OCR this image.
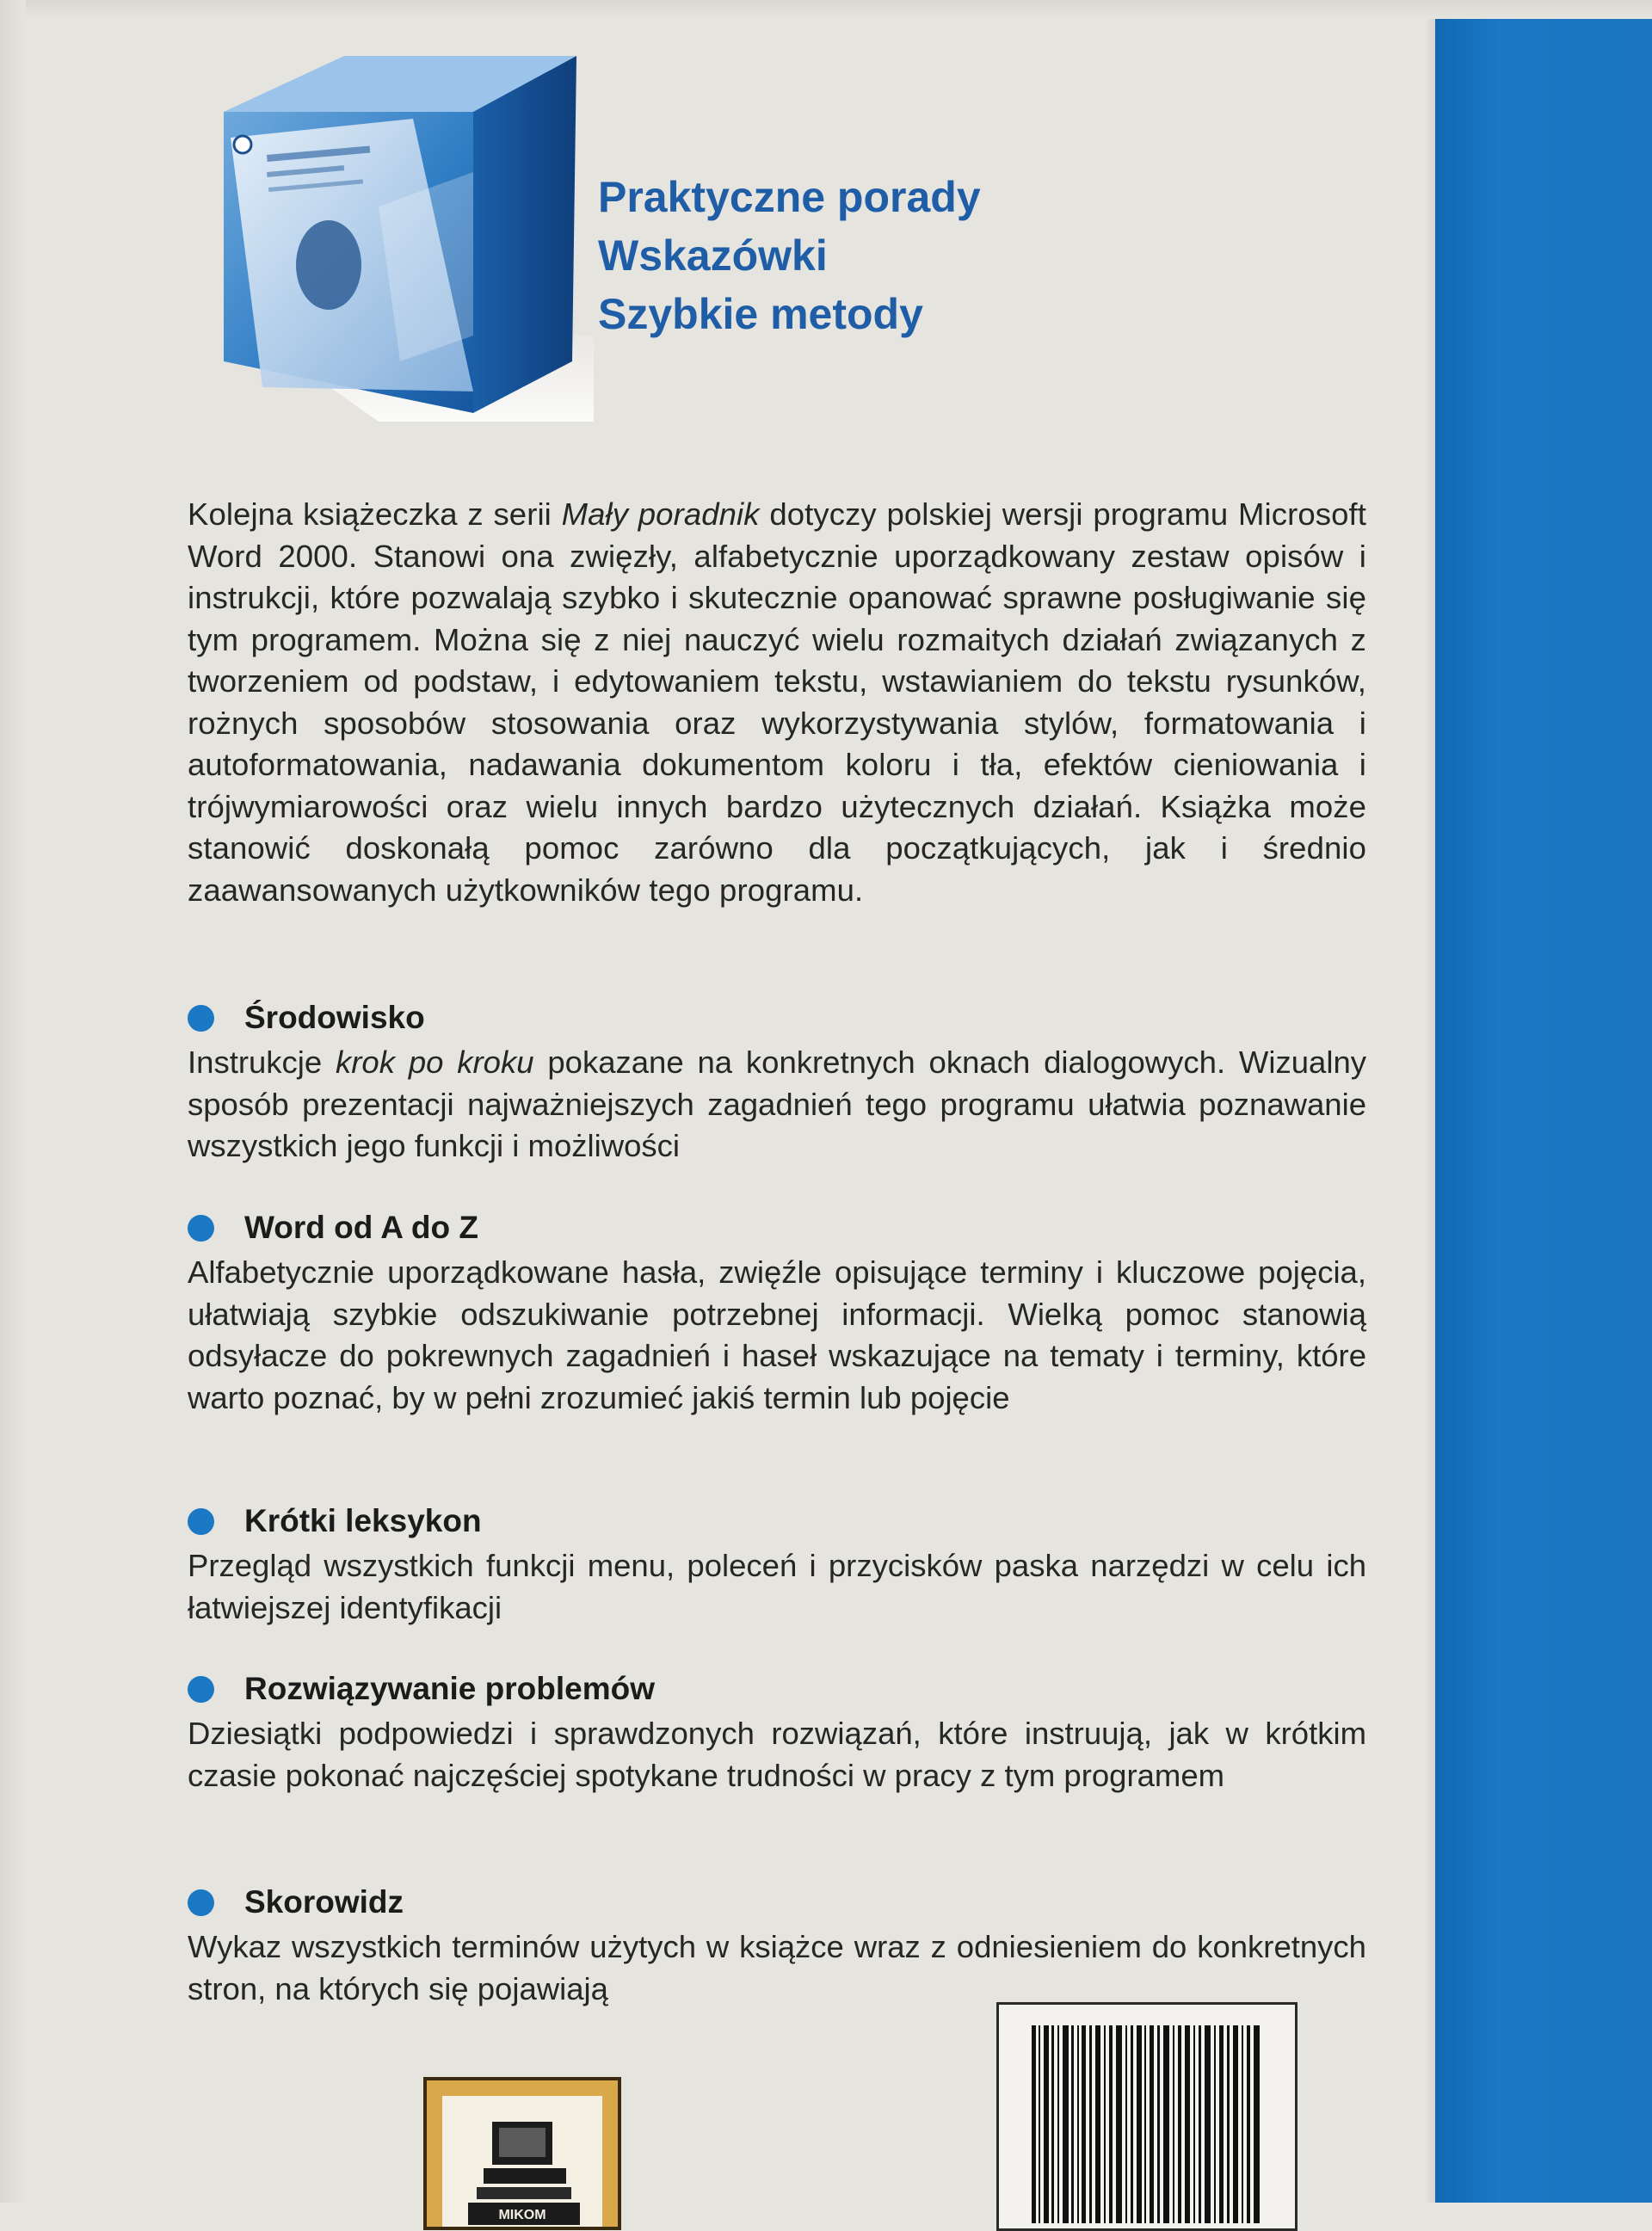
Praktyczne porady
Wskazówki
Szybkie metody
Kolejna książeczka z serii Mały poradnik dotyczy polskiej wersji programu Microsoft Word 2000. Stanowi ona zwięzły, alfabetycznie uporządkowany zestaw opisów i instrukcji, które pozwalają szybko i skutecznie opanować sprawne posługiwanie się tym programem. Można się z niej nauczyć wielu rozmaitych działań związanych z tworzeniem od podstaw, i edytowaniem tekstu, wstawianiem do tekstu rysunków, rożnych sposobów stosowania oraz wykorzystywania stylów, formatowania i autoformatowania, nadawania dokumentom koloru i tła, efektów cieniowania i trójwymiarowości oraz wielu innych bardzo użytecznych działań. Książka może stanowić doskonałą pomoc zarówno dla początkujących, jak i średnio zaawansowanych użytkowników tego programu.
Środowisko
Instrukcje krok po kroku pokazane na konkretnych oknach dialogowych. Wizualny sposób prezentacji najważniejszych zagadnień tego programu ułatwia poznawanie wszystkich jego funkcji i możliwości
Word od A do Z
Alfabetycznie uporządkowane hasła, zwięźle opisujące terminy i kluczowe pojęcia, ułatwiają szybkie odszukiwanie potrzebnej informacji. Wielką pomoc stanowią odsyłacze do pokrewnych zagadnień i haseł wskazujące na tematy i terminy, które warto poznać, by w pełni zrozumieć jakiś termin lub pojęcie
Krótki leksykon
Przegląd wszystkich funkcji menu, poleceń i przycisków paska narzędzi w celu ich łatwiejszej identyfikacji
Rozwiązywanie problemów
Dziesiątki podpowiedzi i sprawdzonych rozwiązań, które instruują, jak w krótkim czasie pokonać najczęściej spotykane trudności w pracy z tym programem
Skorowidz
Wykaz wszystkich terminów użytych w książce wraz z odniesieniem do konkretnych stron, na których się pojawiają
MIKOM
